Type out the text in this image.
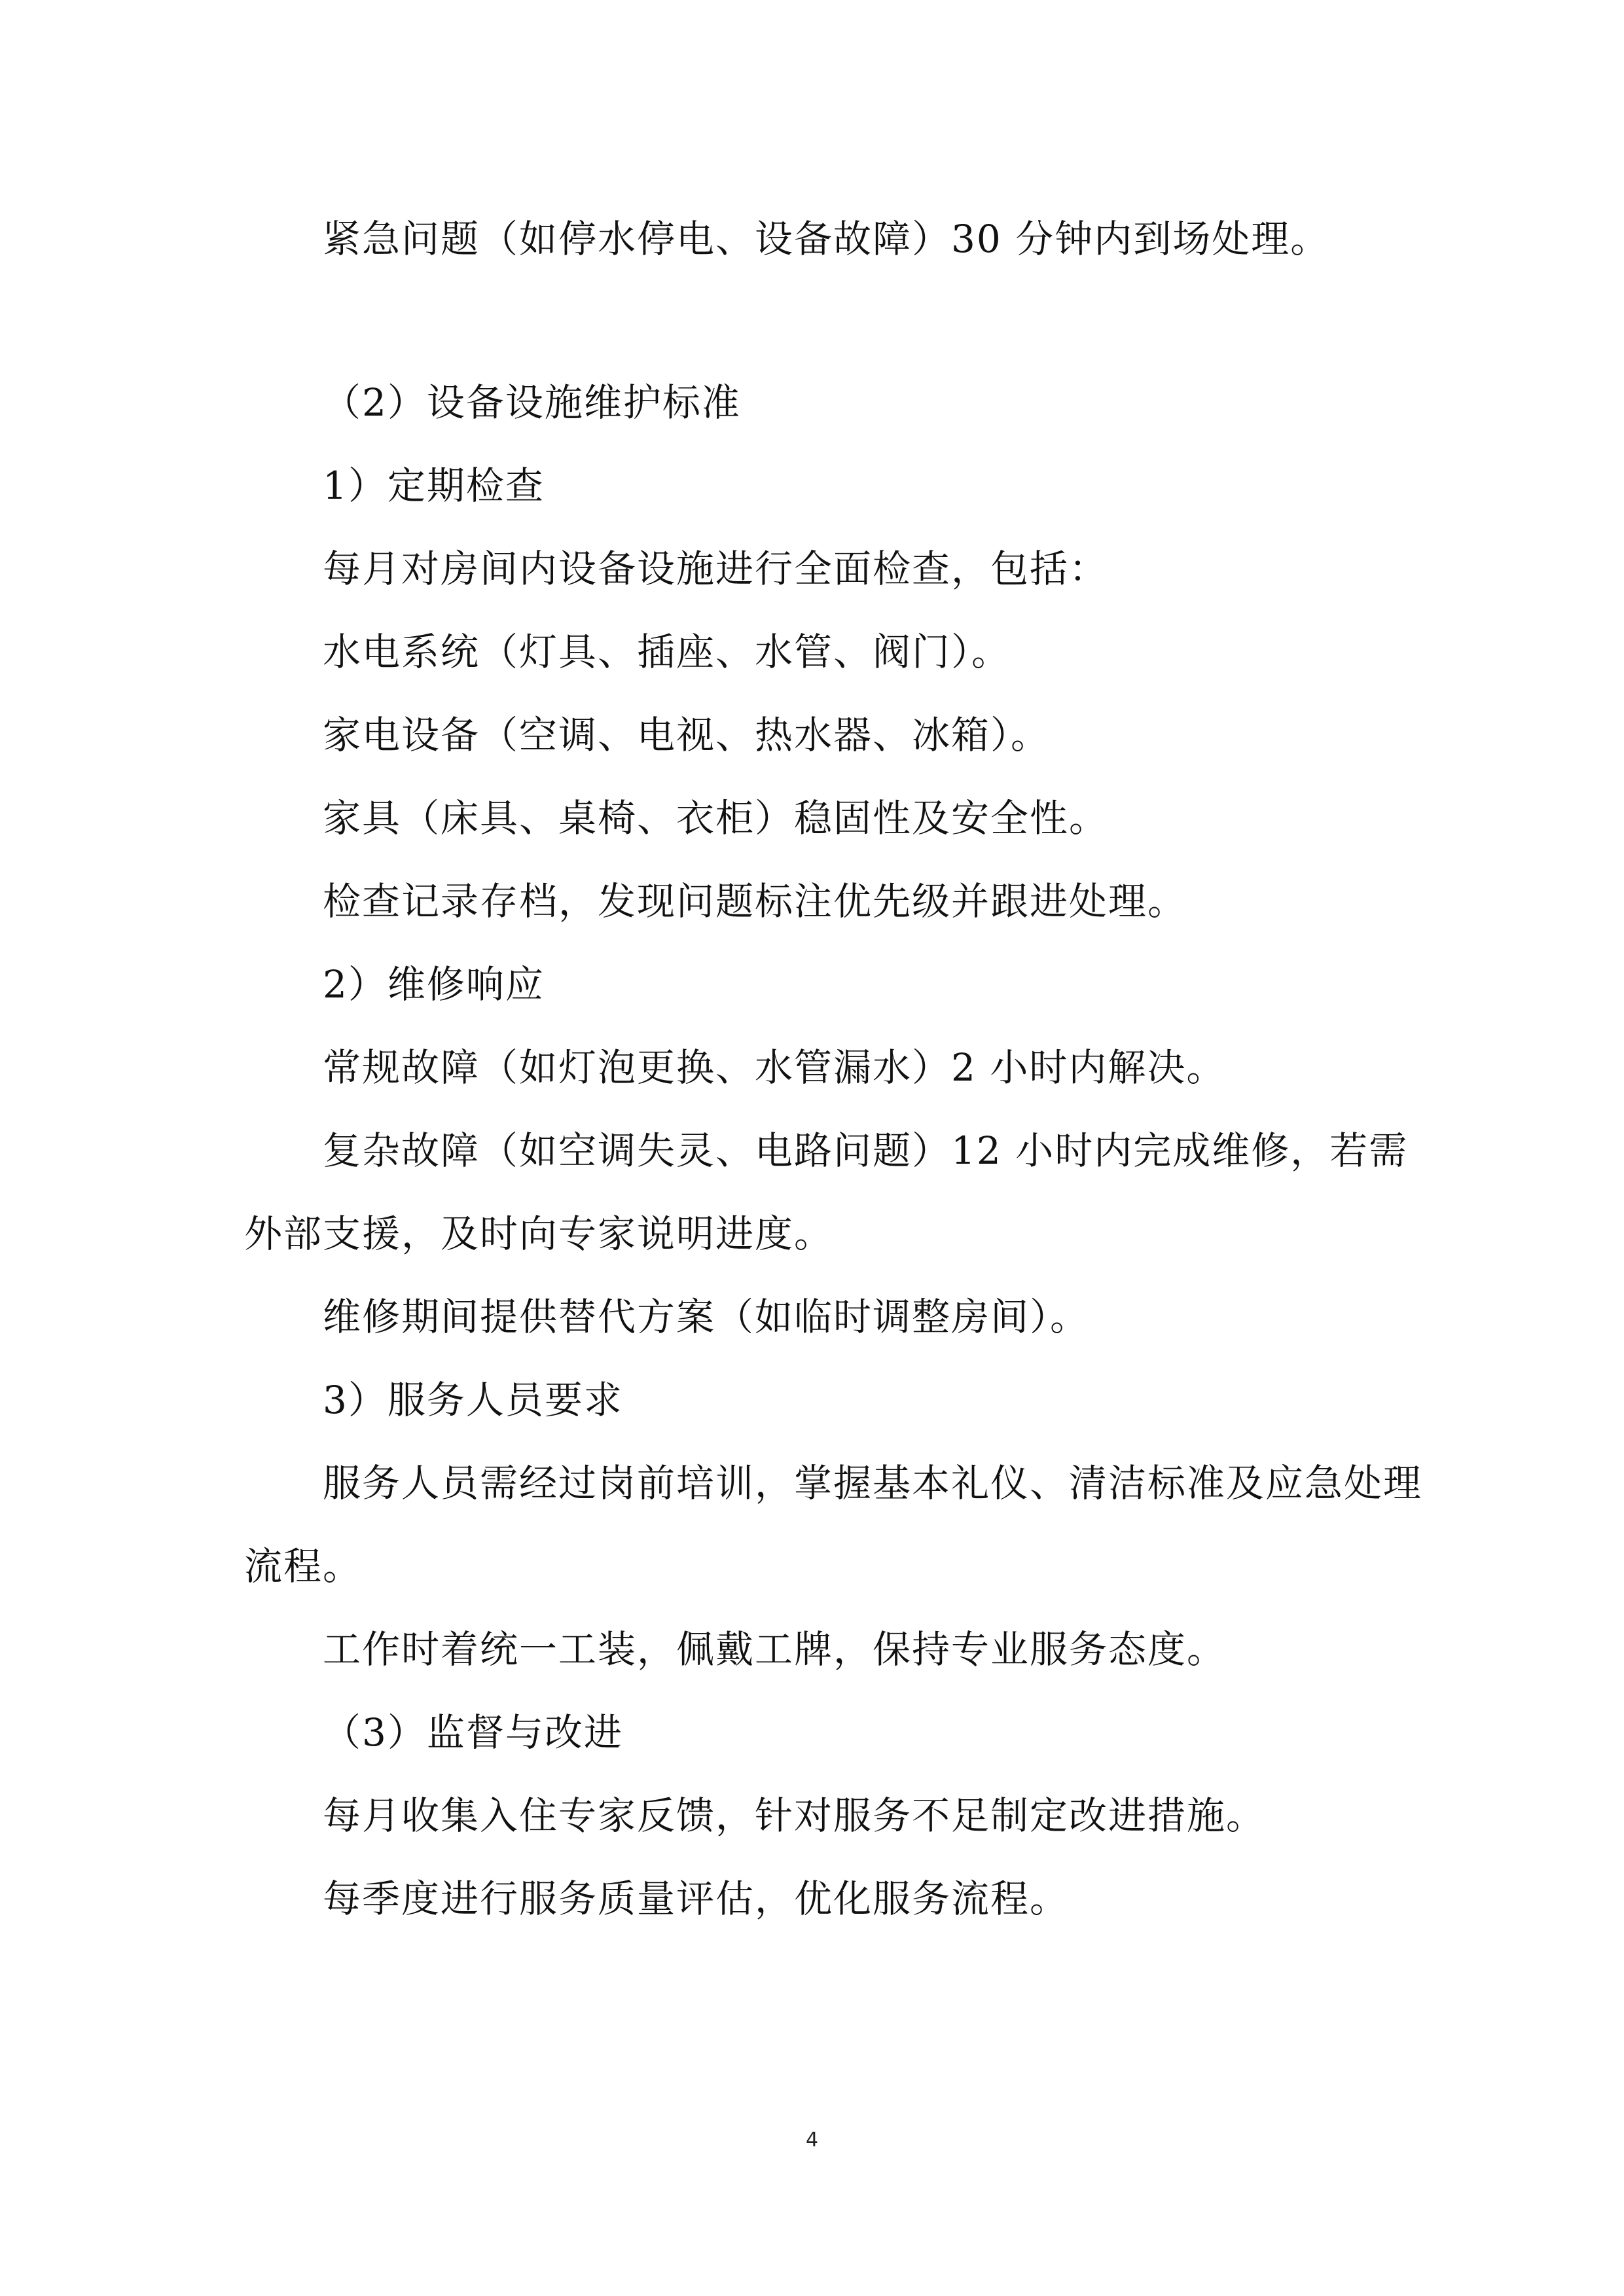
紧急问题（如停水停电、设备故障）30 分钟内到场处理。
（2）设备设施维护标准
1）定期检查
每月对房间内设备设施进行全面检查，包括：
水电系统（灯具、插座、水管、阀门）。
家电设备（空调、电视、热水器、冰箱）。
家具（床具、桌椅、衣柜）稳固性及安全性。
检查记录存档，发现问题标注优先级并跟进处理。
2）维修响应
常规故障（如灯泡更换、水管漏水）2 小时内解决。
复杂故障（如空调失灵、电路问题）12 小时内完成维修，若需
外部支援，及时向专家说明进度。
维修期间提供替代方案（如临时调整房间）。
3）服务人员要求
服务人员需经过岗前培训，掌握基本礼仪、清洁标准及应急处理
流程。
工作时着统一工装，佩戴工牌，保持专业服务态度。
（3）监督与改进
每月收集入住专家反馈，针对服务不足制定改进措施。
每季度进行服务质量评估，优化服务流程。
4
